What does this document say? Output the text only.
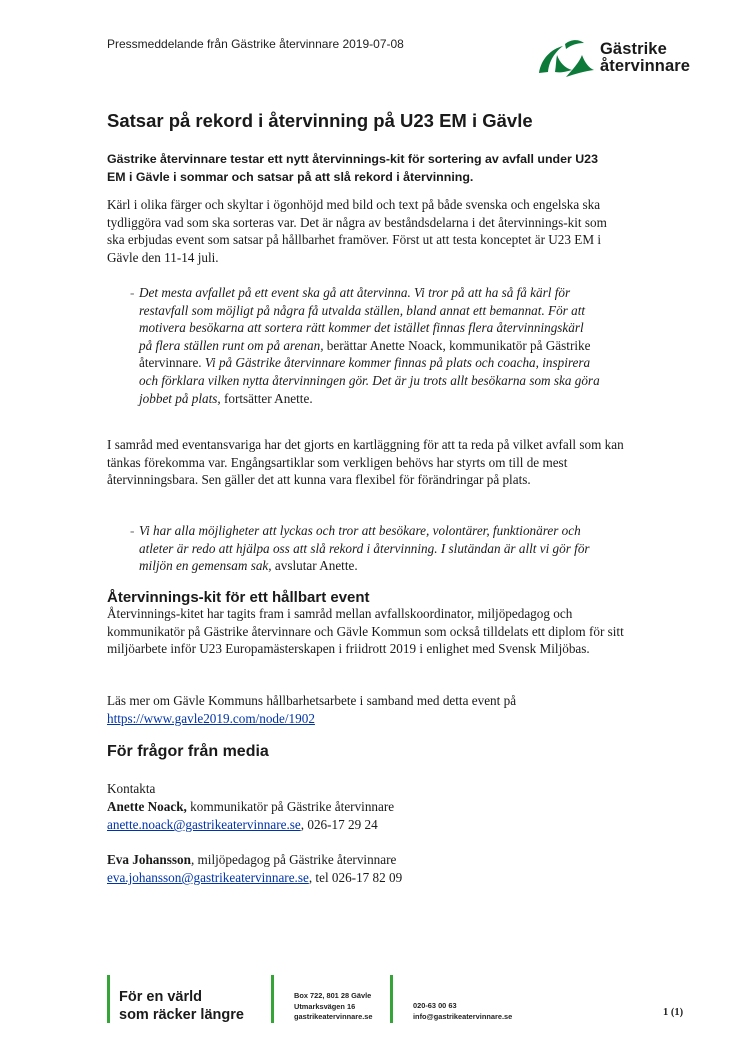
Pressmeddelande från Gästrike återvinnare 2019-07-08	Gästrike
återvinnare
Satsar på rekord i återvinning på U23 EM i Gävle

Gästrike återvinnare testar ett nytt återvinnings-kit för sortering av avfall under U23 EM i Gävle i sommar och satsar på att slå rekord i återvinning.

Kärl i olika färger och skyltar i ögonhöjd med bild och text på både svenska och engelska ska tydliggöra vad som ska sorteras var. Det är några av beståndsdelarna i det återvinnings-kit som ska erbjudas event som satsar på hållbarhet framöver. Först ut att testa konceptet är U23 EM i Gävle den 11-14 juli.

- Det mesta avfallet på ett event ska gå att återvinna. Vi tror på att ha så få kärl för restavfall som möjligt på några få utvalda ställen, bland annat ett bemannat. För att motivera besökarna att sortera rätt kommer det istället finnas flera återvinningskärl på flera ställen runt om på arenan, berättar Anette Noack, kommunikatör på Gästrike återvinnare. Vi på Gästrike återvinnare kommer finnas på plats och coacha, inspirera och förklara vilken nytta återvinningen gör. Det är ju trots allt besökarna som ska göra jobbet på plats, fortsätter Anette.

I samråd med eventansvariga har det gjorts en kartläggning för att ta reda på vilket avfall som kan tänkas förekomma var. Engångsartiklar som verkligen behövs har styrts om till de mest återvinningsbara. Sen gäller det att kunna vara flexibel för förändringar på plats.

- Vi har alla möjligheter att lyckas och tror att besökare, volontärer, funktionärer och atleter är redo att hjälpa oss att slå rekord i återvinning. I slutändan är allt vi gör för miljön en gemensam sak, avslutar Anette.
Återvinnings-kit för ett hållbart event

Återvinnings-kitet har tagits fram i samråd mellan avfallskoordinator, miljöpedagog och kommunikatör på Gästrike återvinnare och Gävle Kommun som också tilldelats ett diplom för sitt miljöarbete inför U23 Europamästerskapen i friidrott 2019 i enlighet med Svensk Miljöbas.

Läs mer om Gävle Kommuns hållbarhetsarbete i samband med detta event på
https://www.gavle2019.com/node/1902

För frågor från media
Kontakta
Anette Noack, kommunikatör på Gästrike återvinnare
anette.noack@gastrikeatervinnare.se, 026-17 29 24
Eva Johansson, miljöpedagog på Gästrike återvinnare
eva.johansson@gastrikeatervinnare.se, tel 026-17 82 09
För en värld
som räcker längre
Box 722, 801 28 Gävle
Utmarksvägen 16
gastrikeatervinnare.se
020-63 00 63
info@gastrikeatervinnare.se	1 (1)
